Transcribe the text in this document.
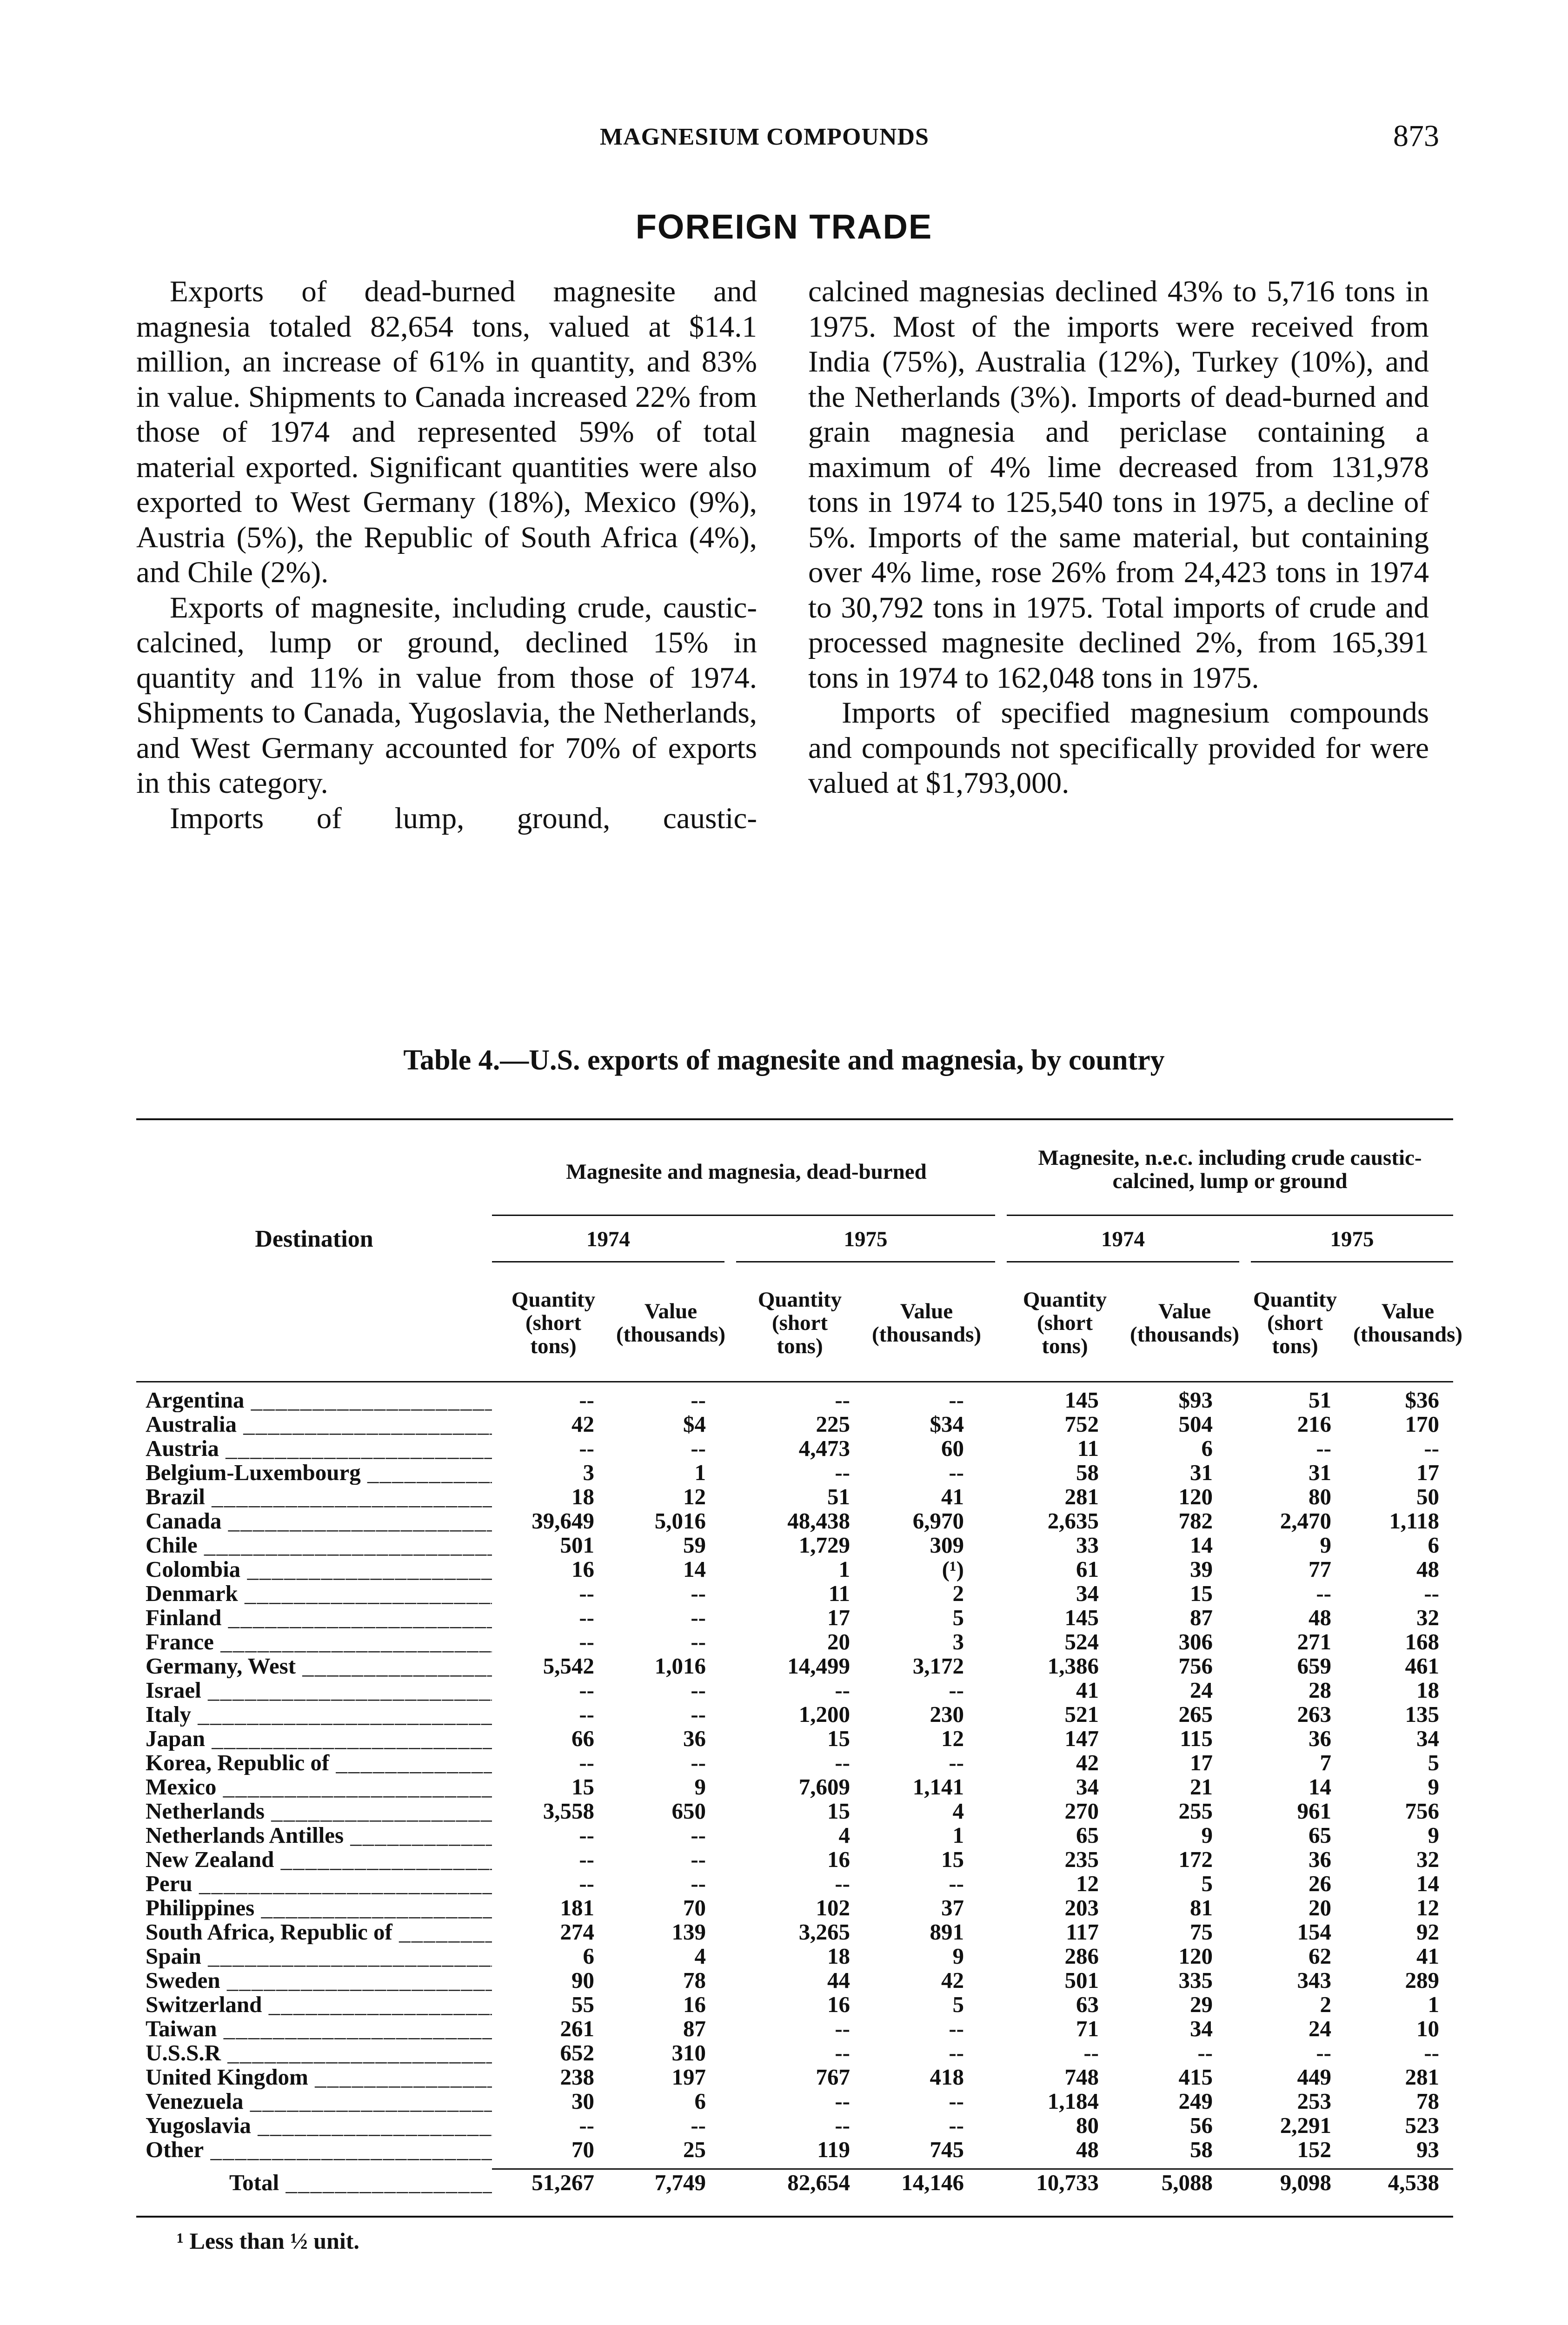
MAGNESIUM COMPOUNDS	873
FOREIGN TRADE

Exports of dead-burned magnesite and magnesia totaled 82,654 tons, valued at $14.1 million, an increase of 61% in quantity, and 83% in value. Shipments to Canada increased 22% from those of 1974 and represented 59% of total material exported. Significant quantities were also exported to West Germany (18%), Mexico (9%), Austria (5%), the Republic of South Africa (4%), and Chile (2%).

Exports of magnesite, including crude, caustic-calcined, lump or ground, declined 15% in quantity and 11% in value from those of 1974. Shipments to Canada, Yugoslavia, the Netherlands, and West Germany accounted for 70% of exports in this category.

Imports of lump, ground, caustic-

calcined magnesias declined 43% to 5,716 tons in 1975. Most of the imports were received from India (75%), Australia (12%), Turkey (10%), and the Netherlands (3%). Imports of dead-burned and grain magnesia and periclase containing a maximum of 4% lime decreased from 131,978 tons in 1974 to 125,540 tons in 1975, a decline of 5%. Imports of the same material, but containing over 4% lime, rose 26% from 24,423 tons in 1974 to 30,792 tons in 1975. Total imports of crude and processed magnesite declined 2%, from 165,391 tons in 1974 to 162,048 tons in 1975.

Imports of specified magnesium compounds and compounds not specifically provided for were valued at $1,793,000.

Table 4.—U.S. exports of magnesite and magnesia, by country
Destination
Magnesite and magnesia, dead-burned
Magnesite, n.e.c. including crude caustic-calcined, lump or ground
1974	1975	1974	1975
Quantity (short tons)
Value (thousands)
Quantity (short tons)
Value (thousands)
Quantity (short tons)
Value (thousands)
Quantity (short tons)
Value (thousands)
Argentina _____	--	--	--	--	145	$93	51	$36
Australia _____	42	$4	225	$34	752	504	216	170
Austria _____	--	--	4,473	60	11	6	--	--
Belgium-Luxembourg _____	3	1	--	--	58	31	31	17
Brazil _____	18	12	51	41	281	120	80	50
Canada _____	39,649	5,016	48,438	6,970	2,635	782	2,470	1,118
Chile _____	501	59	1,729	309	33	14	9	6
Colombia _____	16	14	1	(¹)	61	39	77	48
Denmark _____	--	--	11	2	34	15	--	--
Finland _____	--	--	17	5	145	87	48	32
France _____	--	--	20	3	524	306	271	168
Germany, West _____	5,542	1,016	14,499	3,172	1,386	756	659	461
Israel _____	--	--	--	--	41	24	28	18
Italy _____	--	--	1,200	230	521	265	263	135
Japan _____	66	36	15	12	147	115	36	34
Korea, Republic of _____	--	--	--	--	42	17	7	5
Mexico _____	15	9	7,609	1,141	34	21	14	9
Netherlands _____	3,558	650	15	4	270	255	961	756
Netherlands Antilles _____	--	--	4	1	65	9	65	9
New Zealand _____	--	--	16	15	235	172	36	32
Peru _____	--	--	--	--	12	5	26	14
Philippines _____	181	70	102	37	203	81	20	12
South Africa, Republic of _____	274	139	3,265	891	117	75	154	92
Spain _____	6	4	18	9	286	120	62	41
Sweden _____	90	78	44	42	501	335	343	289
Switzerland _____	55	16	16	5	63	29	2	1
Taiwan _____	261	87	--	--	71	34	24	10
U.S.S.R _____	652	310	--	--	--	--	--	--
United Kingdom _____	238	197	767	418	748	415	449	281
Venezuela _____	30	6	--	--	1,184	249	253	78
Yugoslavia _____	--	--	--	--	80	56	2,291	523
Other _____	70	25	119	745	48	58	152	93
Total _____	51,267	7,749	82,654	14,146	10,733	5,088	9,098	4,538
¹ Less than ½ unit.
